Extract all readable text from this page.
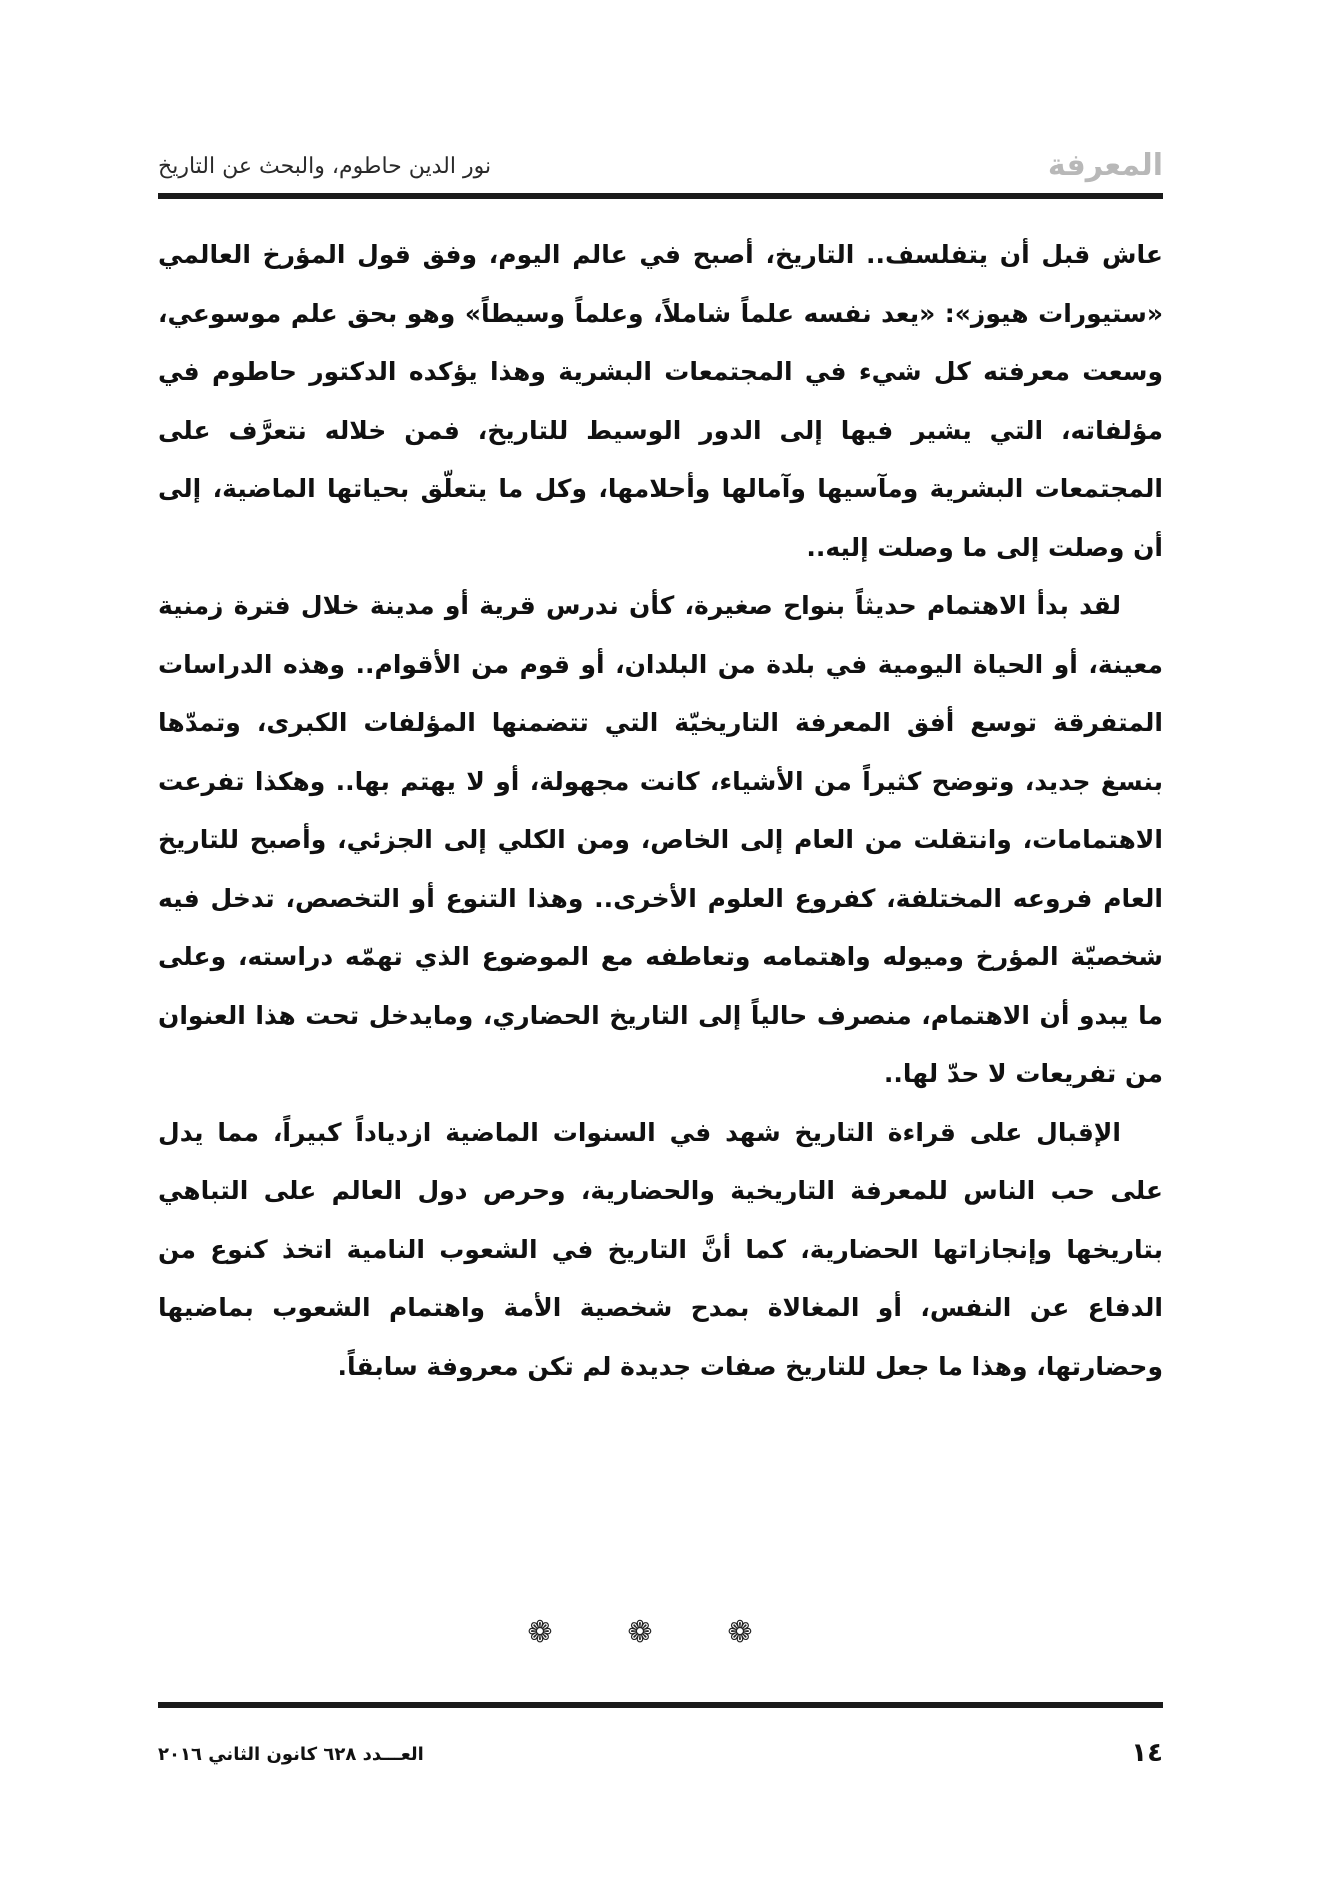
نور الدين حاطوم، والبحث عن التاريخ	المعرفة

عاش قبل أن يتفلسف.. التاريخ، أصبح في عالم اليوم، وفق قول المؤرخ العالمي «ستيورات هيوز»: «يعد نفسه علماً شاملاً، وعلماً وسيطاً» وهو بحق علم موسوعي، وسعت معرفته كل شيء في المجتمعات البشرية وهذا يؤكده الدكتور حاطوم في مؤلفاته، التي يشير فيها إلى الدور الوسيط للتاريخ، فمن خلاله نتعرَّف على المجتمعات البشرية ومآسيها وآمالها وأحلامها، وكل ما يتعلّق بحياتها الماضية، إلى أن وصلت إلى ما وصلت إليه..

لقد بدأ الاهتمام حديثاً بنواح صغيرة، كأن ندرس قرية أو مدينة خلال فترة زمنية معينة، أو الحياة اليومية في بلدة من البلدان، أو قوم من الأقوام.. وهذه الدراسات المتفرقة توسع أفق المعرفة التاريخيّة التي تتضمنها المؤلفات الكبرى، وتمدّها بنسغ جديد، وتوضح كثيراً من الأشياء، كانت مجهولة، أو لا يهتم بها.. وهكذا تفرعت الاهتمامات، وانتقلت من العام إلى الخاص، ومن الكلي إلى الجزئي، وأصبح للتاريخ العام فروعه المختلفة، كفروع العلوم الأخرى.. وهذا التنوع أو التخصص، تدخل فيه شخصيّة المؤرخ وميوله واهتمامه وتعاطفه مع الموضوع الذي تهمّه دراسته، وعلى ما يبدو أن الاهتمام، منصرف حالياً إلى التاريخ الحضاري، ومايدخل تحت هذا العنوان من تفريعات لا حدّ لها..

الإقبال على قراءة التاريخ شهد في السنوات الماضية ازدياداً كبيراً، مما يدل على حب الناس للمعرفة التاريخية والحضارية، وحرص دول العالم على التباهي بتاريخها وإنجازاتها الحضارية، كما أنَّ التاريخ في الشعوب النامية اتخذ كنوع من الدفاع عن النفس، أو المغالاة بمدح شخصية الأمة واهتمام الشعوب بماضيها وحضارتها، وهذا ما جعل للتاريخ صفات جديدة لم تكن معروفة سابقاً.

❁ ❁ ❁
العـــدد ٦٢٨ كانون الثاني ٢٠١٦	١٤
